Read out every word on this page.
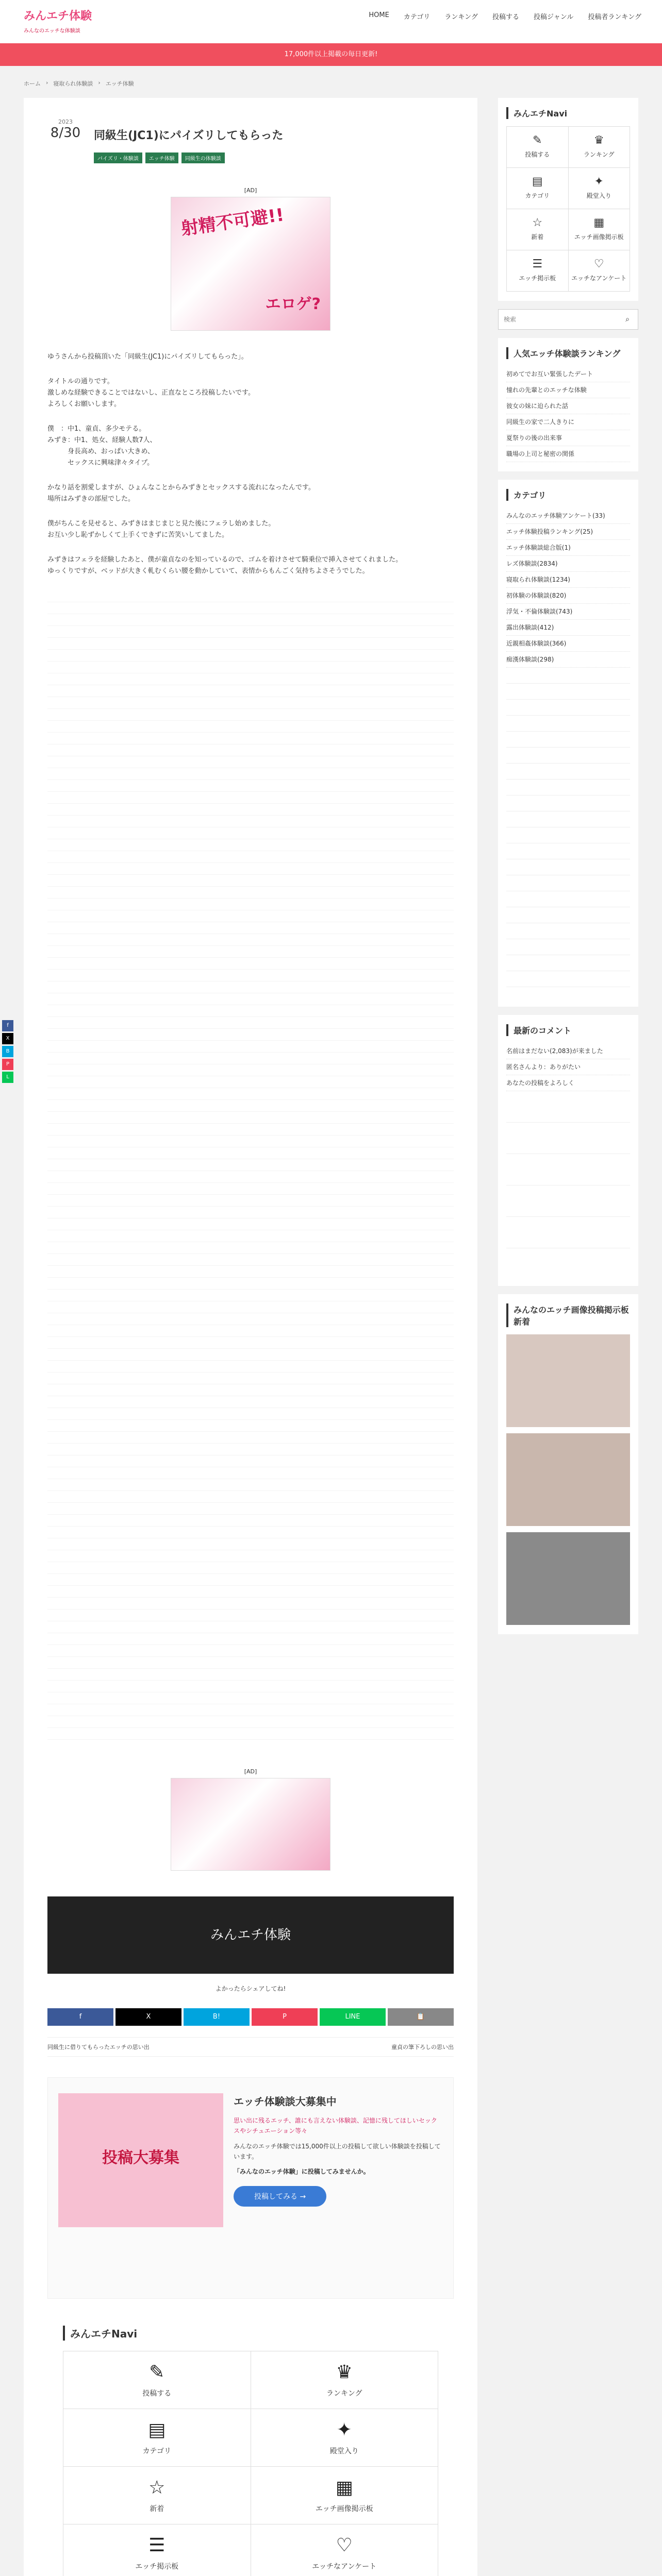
みんエチ体験
みんなのエッチな体験談
HOME カテゴリ ランキング 投稿する 投稿ジャンル 投稿者ランキング
17,000件以上掲載の毎日更新!
ホーム › 寝取られ体験談 › エッチ体験
2023
8/30 同級生(JC1)にパイズリしてもらった
パイズリ・体験談	エッチ体験	同級生の体験談
[AD]
射精不可避!!
エロゲ?

ゆうさんから投稿頂いた「同級生(JC1)にパイズリしてもらった」。

タイトルの通りです。
激しめな経験できることではないし、正直なところ投稿したいです。
よろしくお願いします。

僕　：中1、童貞、多少モテる。
みずき：中1、処女、経験人数7人、
　　　身長高め、おっぱい大きめ、
　　　セックスに興味津々タイプ。

かなり話を割愛しますが、ひょんなことからみずきとセックスする流れになったんです。
場所はみずきの部屋でした。

僕がちんこを見せると、みずきはまじまじと見た後にフェラし始めました。
お互い少し恥ずかしくて上手くできずに苦笑いしてました。

みずきはフェラを経験したあと、僕が童貞なのを知っているので、ゴムを着けさせて騎乗位で挿入させてくれました。
ゆっくりですが、ベッドが大きく軋むくらい腰を動かしていて、表情からもんごく気持ちよさそうでした。

[AD]
みんエチ体験
よかったらシェアしてね!
f	X	B!	P	LINE	📋
同級生に借りてもらったエッチの思い出	童貞の筆下ろしの思い出
投稿大募集
エッチ体験談大募集中
思い出に残るエッチ、誰にも言えない体験談、記憶に残してほしいセックスやシチュエーション等々
みんなのエッチ体験では15,000件以上の投稿して欲しい体験談を投稿しています。
「みんなのエッチ体験」に投稿してみませんか。
投稿してみる →
みんエチNavi
✎
投稿する
♛
ランキング
▤
カテゴリ
✦
殿堂入り
☆
新着
▦
エッチ画像掲示板
☰
エッチ掲示板
♡
エッチなアンケート
みんエチNavi
✎
投稿する
♛
ランキング
▤
カテゴリ
✦
殿堂入り
☆
新着
▦
エッチ画像掲示板
☰
エッチ掲示板
♡
エッチなアンケート
検索
⌕
人気エッチ体験談ランキング
初めてでお互い緊張したデート
憧れの先輩とのエッチな体験
彼女の妹に迫られた話
同級生の家で二人きりに
夏祭りの後の出来事
職場の上司と秘密の関係
カテゴリ
みんなのエッチ体験アンケート(33)
エッチ体験投稿ランキング(25)
エッチ体験談総合版(1)
レズ体験談(2834)
寝取られ体験談(1234)
初体験の体験談(820)
浮気・不倫体験談(743)
露出体験談(412)
近親相姦体験談(366)
痴漢体験談(298)
最新のコメント
名前はまだない(2,083)が来ました
匿名さんより：ありがたい
あなたの投稿をよろしく
みんなのエッチ画像投稿掲示板 新着
f
X
B
P
L
